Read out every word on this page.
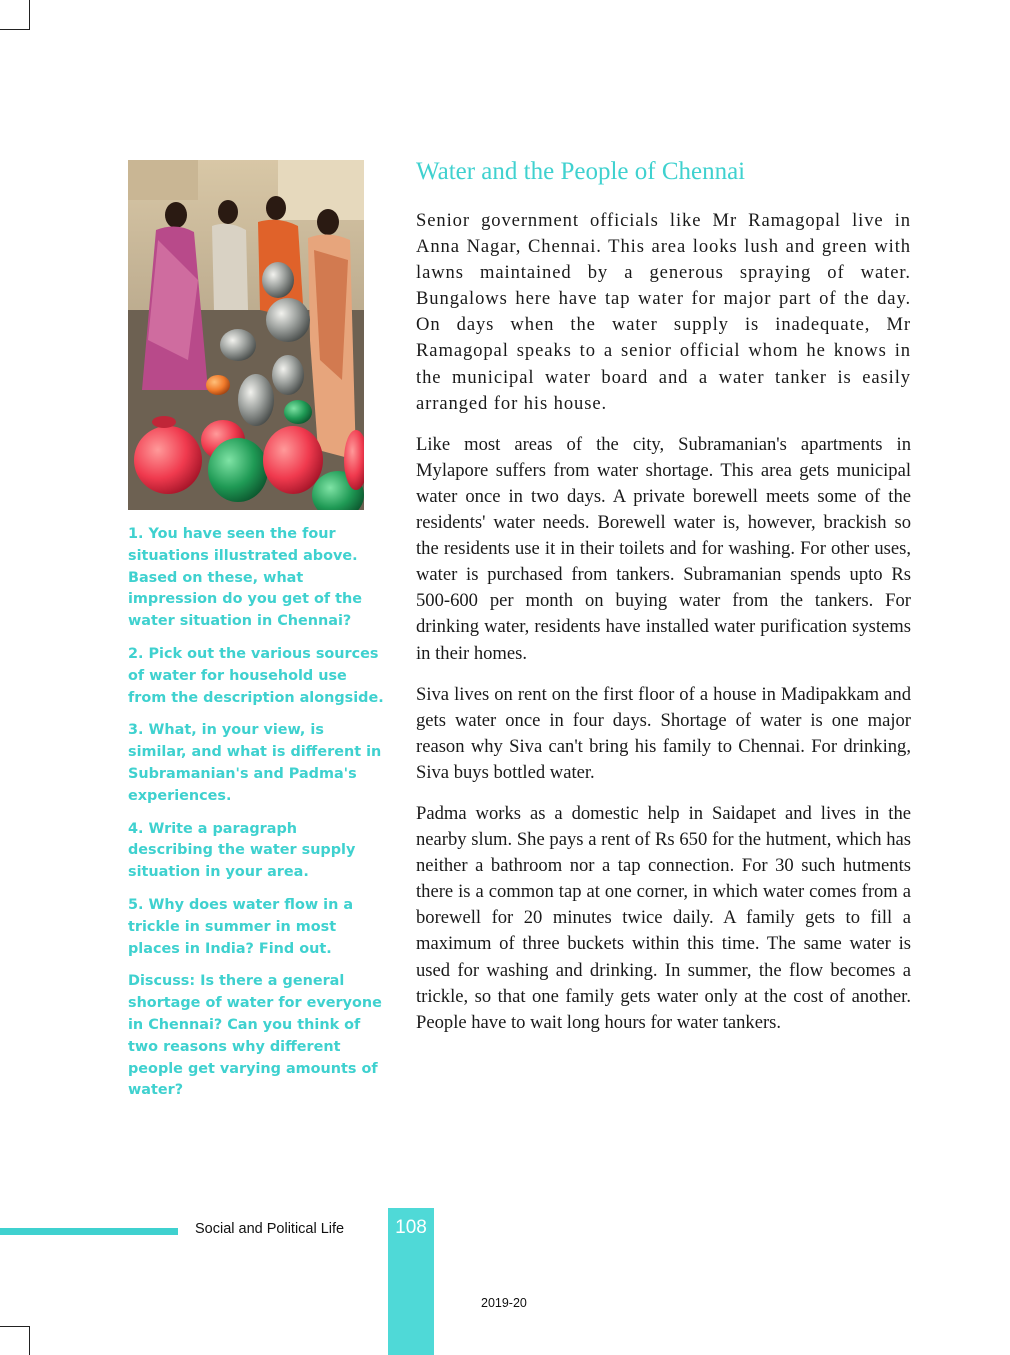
1. You have seen the four situations illustrated above. Based on these, what impression do you get of the water situation in Chennai?

2. Pick out the various sources of water for household use from the description alongside.

3. What, in your view, is similar, and what is different in Subramanian's and Padma's experiences.

4. Write a paragraph describing the water supply situation in your area.

5. Why does water flow in a trickle in summer in most places in India? Find out.

Discuss: Is there a general shortage of water for everyone in Chennai? Can you think of two reasons why different people get varying amounts of water?

Water and the People of Chennai

Senior government officials like Mr Ramagopal live in Anna Nagar, Chennai. This area looks lush and green with lawns maintained by a generous spraying of water. Bungalows here have tap water for major part of the day. On days when the water supply is inadequate, Mr Ramagopal speaks to a senior official whom he knows in the municipal water board and a water tanker is easily arranged for his house.

Like most areas of the city, Subramanian's apartments in Mylapore suffers from water shortage. This area gets municipal water once in two days. A private borewell meets some of the residents' water needs. Borewell water is, however, brackish so the residents use it in their toilets and for washing. For other uses, water is purchased from tankers. Subramanian spends upto Rs 500-600 per month on buying water from the tankers. For drinking water, residents have installed water purification systems in their homes.

Siva lives on rent on the first floor of a house in Madipakkam and gets water once in four days. Shortage of water is one major reason why Siva can't bring his family to Chennai. For drinking, Siva buys bottled water.

Padma works as a domestic help in Saidapet and lives in the nearby slum. She pays a rent of Rs 650 for the hutment, which has neither a bathroom nor a tap connection. For 30 such hutments there is a common tap at one corner, in which water comes from a borewell for 20 minutes twice daily. A family gets to fill a maximum of three buckets within this time. The same water is used for washing and drinking. In summer, the flow becomes a trickle, so that one family gets water only at the cost of another. People have to wait long hours for water tankers.

Social and Political Life	108
2019-20
